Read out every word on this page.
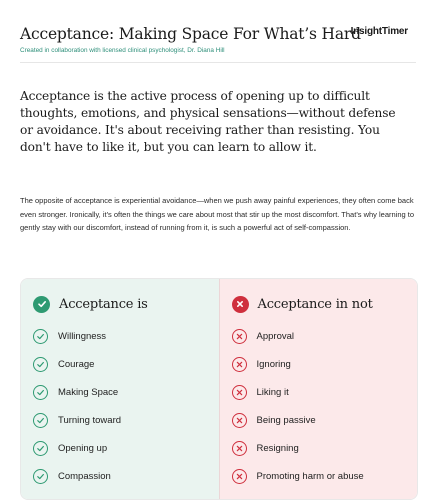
Acceptance: Making Space For What’s Hard
InsightTimer
Created in collaboration with licensed clinical psychologist, Dr. Diana Hill

Acceptance is the active process of opening up to difficult thoughts, emotions, and physical sensations—without defense or avoidance. It's about receiving rather than resisting. You don't have to like it, but you can learn to allow it.

The opposite of acceptance is experiential avoidance—when we push away painful experiences, they often come back even stronger. Ironically, it's often the things we care about most that stir up the most discomfort. That's why learning to gently stay with our discomfort, instead of running from it, is such a powerful act of self-compassion.

Acceptance is
Willingness
Courage
Making Space
Turning toward
Opening up
Compassion
Acceptance in not
Approval
Ignoring
Liking it
Being passive
Resigning
Promoting harm or abuse
